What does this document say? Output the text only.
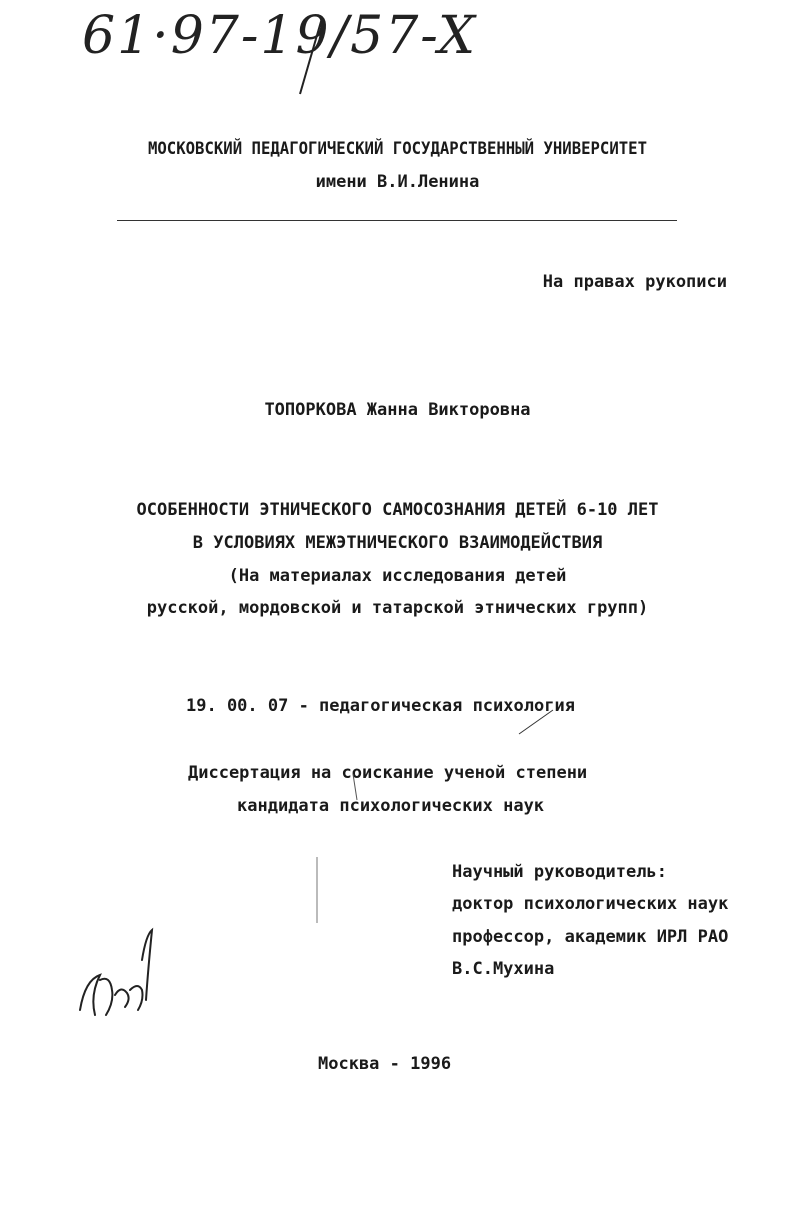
61·97-19/57-X
МОСКОВСКИЙ ПЕДАГОГИЧЕСКИЙ ГОСУДАРСТВЕННЫЙ УНИВЕРСИТЕТ
имени В.И.Ленина
На правах рукописи
ТОПОРКОВА Жанна Викторовна
ОСОБЕННОСТИ ЭТНИЧЕСКОГО САМОСОЗНАНИЯ ДЕТЕЙ 6-10 ЛЕТ
В УСЛОВИЯХ МЕЖЭТНИЧЕСКОГО ВЗАИМОДЕЙСТВИЯ
(На материалах исследования детей
русской, мордовской и татарской этнических групп)
19. 00. 07 - педагогическая психология
Диссертация на соискание ученой степени
кандидата психологических наук
Научный руководитель:
доктор психологических наук
профессор, академик ИРЛ РАО
В.С.Мухина
Москва - 1996
